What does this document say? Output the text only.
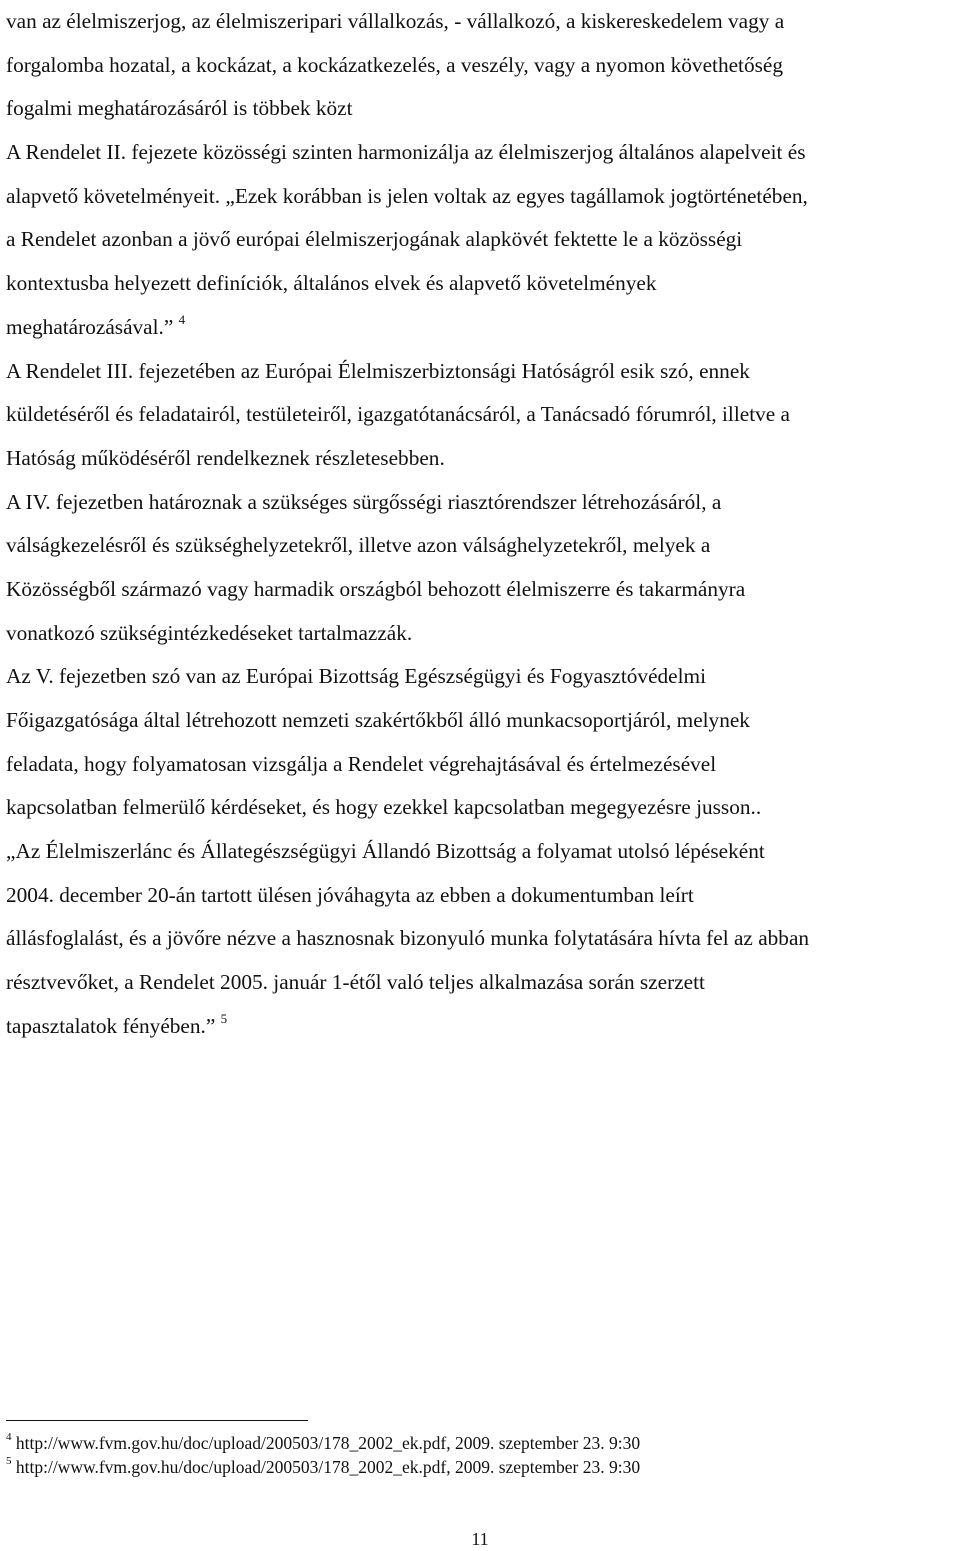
van az élelmiszerjog, az élelmiszeripari vállalkozás, - vállalkozó, a kiskereskedelem vagy a
forgalomba hozatal, a kockázat, a kockázatkezelés, a veszély, vagy a nyomon követhetőség
fogalmi meghatározásáról is többek közt
A Rendelet II. fejezete közösségi szinten harmonizálja az élelmiszerjog általános alapelveit és
alapvető követelményeit. „Ezek korábban is jelen voltak az egyes tagállamok jogtörténetében,
a Rendelet azonban a jövő európai élelmiszerjogának alapkövét fektette le a közösségi
kontextusba helyezett definíciók, általános elvek és alapvető követelmények
meghatározásával.” $^4$
A Rendelet III. fejezetében az Európai Élelmiszerbiztonsági Hatóságról esik szó, ennek
küldetéséről és feladatairól, testületeiről, igazgatótanácsáról, a Tanácsadó fórumról, illetve a
Hatóság működéséről rendelkeznek részletesebben.
A IV. fejezetben határoznak a szükséges sürgősségi riasztórendszer létrehozásáról, a
válságkezelésről és szükséghelyzetekről, illetve azon válsághelyzetekről, melyek a
Közösségből származó vagy harmadik országból behozott élelmiszerre és takarmányra
vonatkozó szükségintézkedéseket tartalmazzák.
Az V. fejezetben szó van az Európai Bizottság Egészségügyi és Fogyasztóvédelmi
Főigazgatósága által létrehozott nemzeti szakértőkből álló munkacsoportjáról, melynek
feladata, hogy folyamatosan vizsgálja a Rendelet végrehajtásával és értelmezésével
kapcsolatban felmerülő kérdéseket, és hogy ezekkel kapcsolatban megegyezésre jusson..
„Az Élelmiszerlánc és Állategészségügyi Állandó Bizottság a folyamat utolsó lépéseként
2004. december 20-án tartott ülésen jóváhagyta az ebben a dokumentumban leírt
állásfoglalást, és a jövőre nézve a hasznosnak bizonyuló munka folytatására hívta fel az abban
résztvevőket, a Rendelet 2005. január 1-étől való teljes alkalmazása során szerzett
tapasztalatok fényében.” $^5$
$^4$ http://www.fvm.gov.hu/doc/upload/200503/178_2002_ek.pdf, 2009. szeptember 23. 9:30
$^5$ http://www.fvm.gov.hu/doc/upload/200503/178_2002_ek.pdf, 2009. szeptember 23. 9:30
11
